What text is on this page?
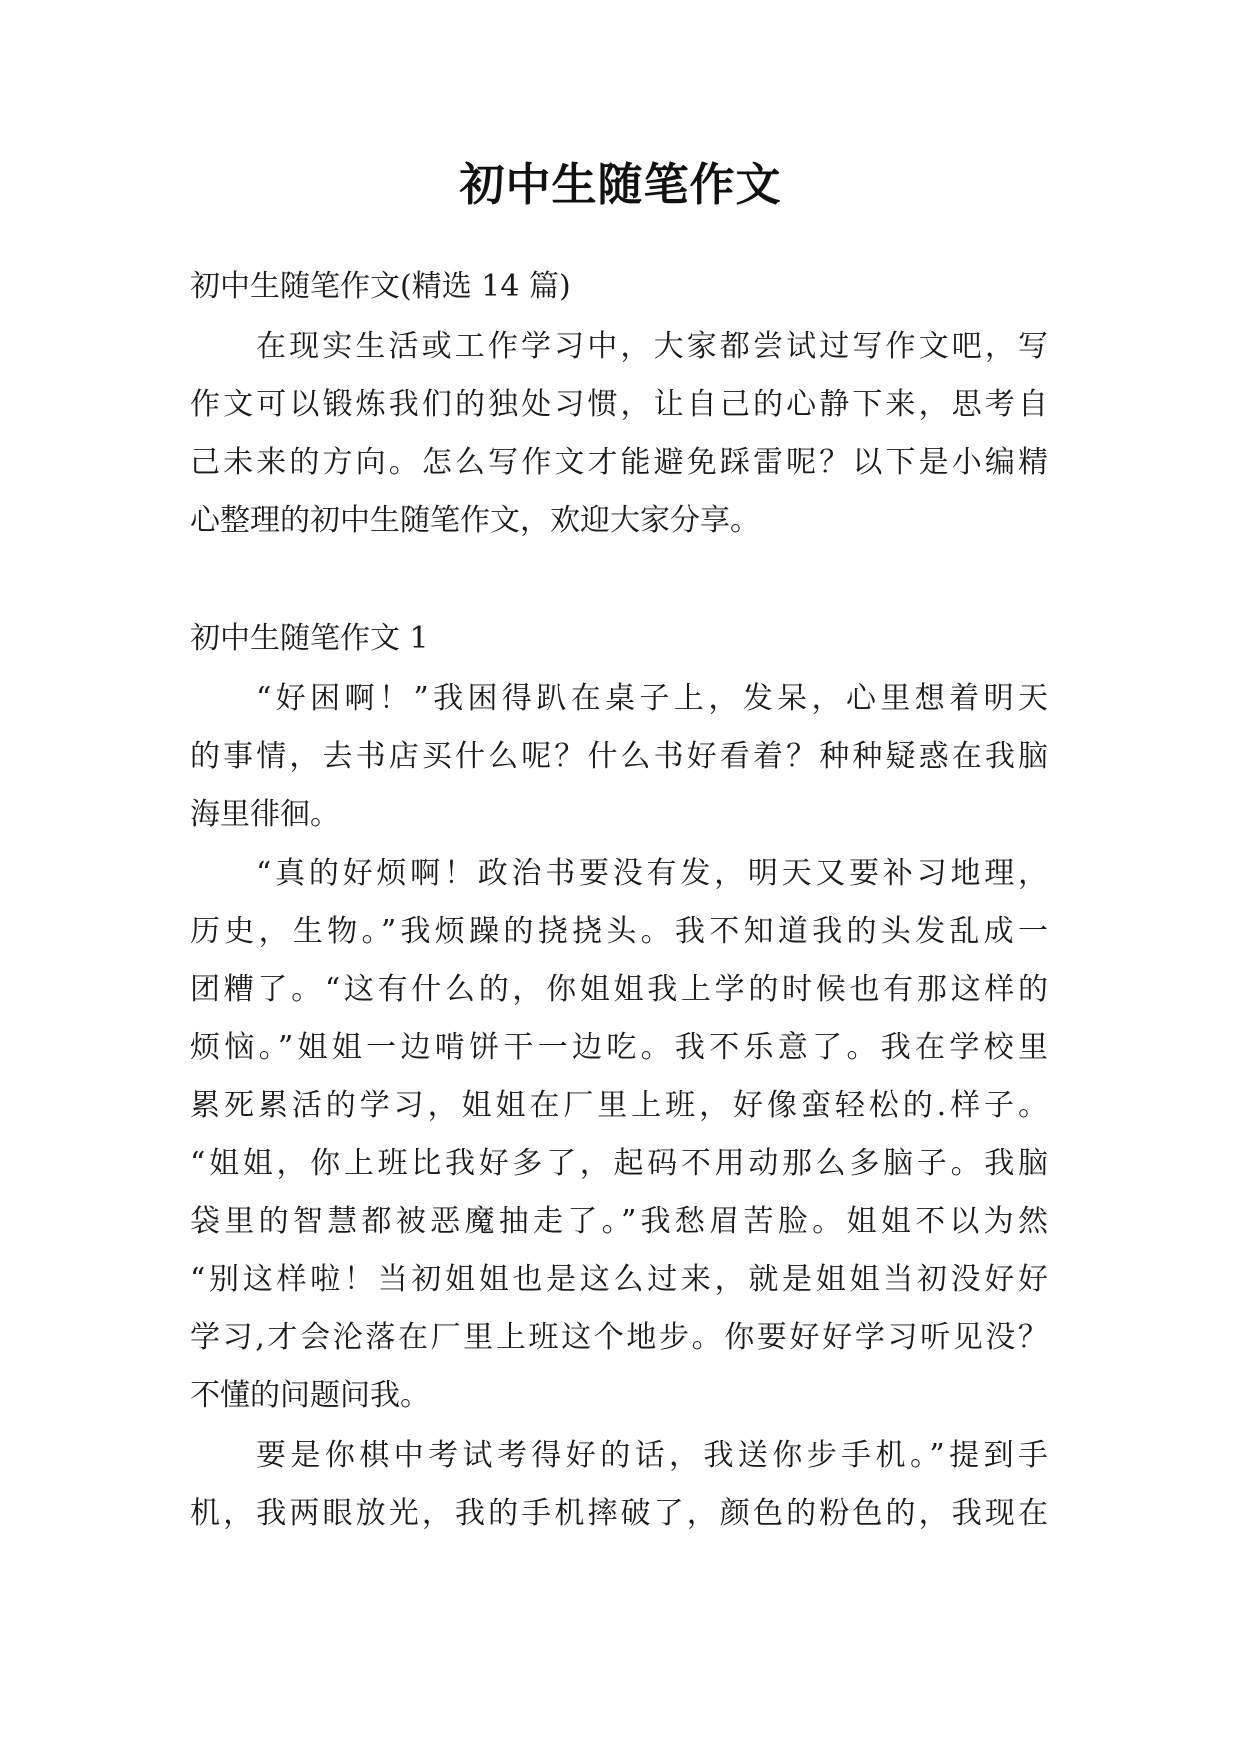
初中生随笔作文
初中生随笔作文(精选 14 篇)
在现实生活或工作学习中，大家都尝试过写作文吧，写
作文可以锻炼我们的独处习惯，让自己的心静下来，思考自
己未来的方向。怎么写作文才能避免踩雷呢？以下是小编精
心整理的初中生随笔作文，欢迎大家分享。
初中生随笔作文 1
“好困啊！”我困得趴在桌子上，发呆，心里想着明天
的事情，去书店买什么呢？什么书好看着？种种疑惑在我脑
海里徘徊。
“真的好烦啊！政治书要没有发，明天又要补习地理，
历史，生物。”我烦躁的挠挠头。我不知道我的头发乱成一
团糟了。“这有什么的，你姐姐我上学的时候也有那这样的
烦恼。”姐姐一边啃饼干一边吃。我不乐意了。我在学校里
累死累活的学习，姐姐在厂里上班，好像蛮轻松的.样子。
“姐姐，你上班比我好多了，起码不用动那么多脑子。我脑
袋里的智慧都被恶魔抽走了。”我愁眉苦脸。姐姐不以为然
“别这样啦！当初姐姐也是这么过来，就是姐姐当初没好好
学习,才会沦落在厂里上班这个地步。你要好好学习听见没？
不懂的问题问我。
要是你棋中考试考得好的话，我送你步手机。”提到手
机，我两眼放光，我的手机摔破了，颜色的粉色的，我现在
